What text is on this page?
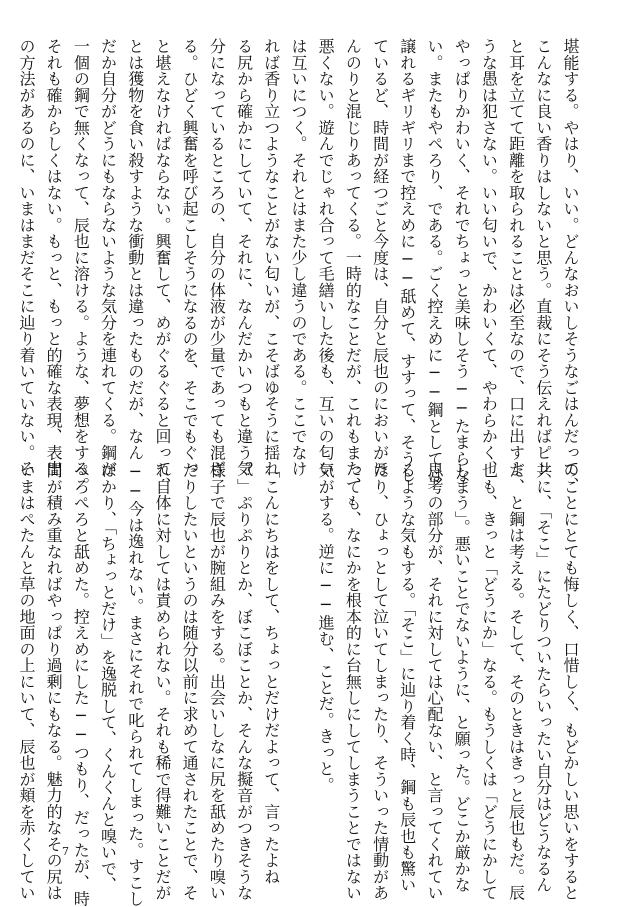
堪能する。やはり、いい。どんなおいしそうなごはんだって、
こんなに良い香りはしないと思う。直裁にそう伝えればピン
と耳を立てて距離を取られることは必至なので、口に出すよ
うな愚は犯さない。いい匂いで、かわいくて、やわらかく、
やっぱりかわいく、それでちょっと美味しそう──たまらな
い。またもやペろり、である。ごく控えめに──鋼としては
譲れるギリギリまで控えめに──舐めて、すすって、そうし
ているど、時間が経つごと今度は、自分と辰也のにおいがほ
んのりと混じりあってくる。一時的なことだが、これもまた、
悪くない。遊んでじゃれ合って毛繕いした後も、互いの匂い
は互いにつく。それとはまた少し違うのである。ここでなけ
れば香り立つようなことがない匂いが、こそばゆそうに揺れ
る尻から確かにしていて、それに、なんだかいつもと違う気
分になっているところの、自分の体液が少量であっても混ざ
る。ひどく興奮を呼び起こしそうになるのを、そこでもぐっ
と堪えなければならない。興奮して、めがぐるぐると回って、
とは獲物を食い殺すような衝動とは違ったものだが、なん
だか自分がどうにもならないような気分を連れてくる。鋼が
一個の鋼で無くなって、辰也に溶ける。ような、夢想をする。
それも確からしくはない。もっと、もっと的確な表現、表出
の方法があるのに、いまはまだそこに辿り着いていない。そ
のことにとても悔しく、口惜しく、もどかしい思いをすると
共に、「そこ」にたどりついたらいったい自分はどうなるん
だ、と鋼は考える。そして、そのときはきっと辰也もだ。辰
也も、きっと「どうにか」なる。もうしくは「どうにかして
しまう」。悪いことでないように、と願った。どこか厳かな
思考の部分が、それに対しては心配ない、と言ってくれてい
るような気もする。「そこ」に辿り着く時、鋼も辰也も驚い
たり、ひょっとして泣いてしまったり、そういった情動があ
っても、なにかを根本的に台無しにしてしまうことではない
気がする。逆に──進む、ことだ。きっと。

「こんにちはをして、ちょっとだけだよって、言ったよね
？」ぷりぷりとか、ぼこぼことか、そんな擬音がつきそうな
様子で辰也が腕組みをする。出会いしなに尻を舐めたり嗅い
だりしたいというのは随分以前に求めて通されたことで、そ
れ自体に対しては責められない。それも稀で得難いことだが
──今は逸れない。まさにそれで叱られてしまった。すこし
ばかり、「ちょっとだけ」を逸脱して、くんくんと嗅いで、
ぺろぺろと舐めた。控えめにした──つもり、だったが、時
間が積み重なればやっぱり過剰にもなる。魅力的なその尻は
いまはぺたんと草の地面の上にいて、辰也が頬を赤くしてい	7
